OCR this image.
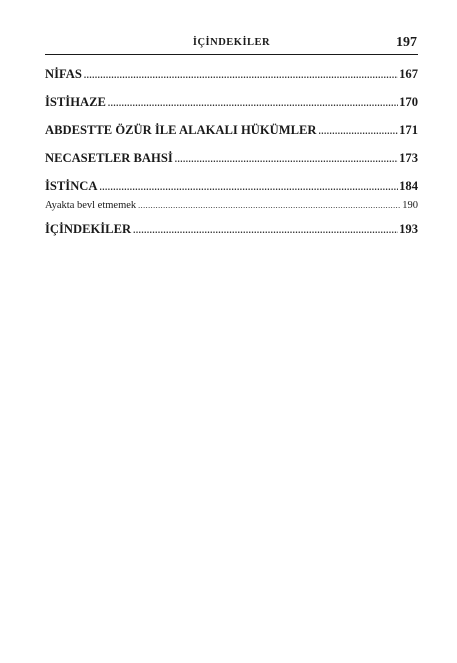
İÇİNDEKİLER	197
NİFAS .....	167
İSTİHAZE .....	170
ABDESTTE ÖZÜR İLE ALAKALI HÜKÜMLER .....	171
NECASETLER BAHSİ .....	173
İSTİNCA .....	184
Ayakta bevl etmemek .....	190
İÇİNDEKİLER .....	193
